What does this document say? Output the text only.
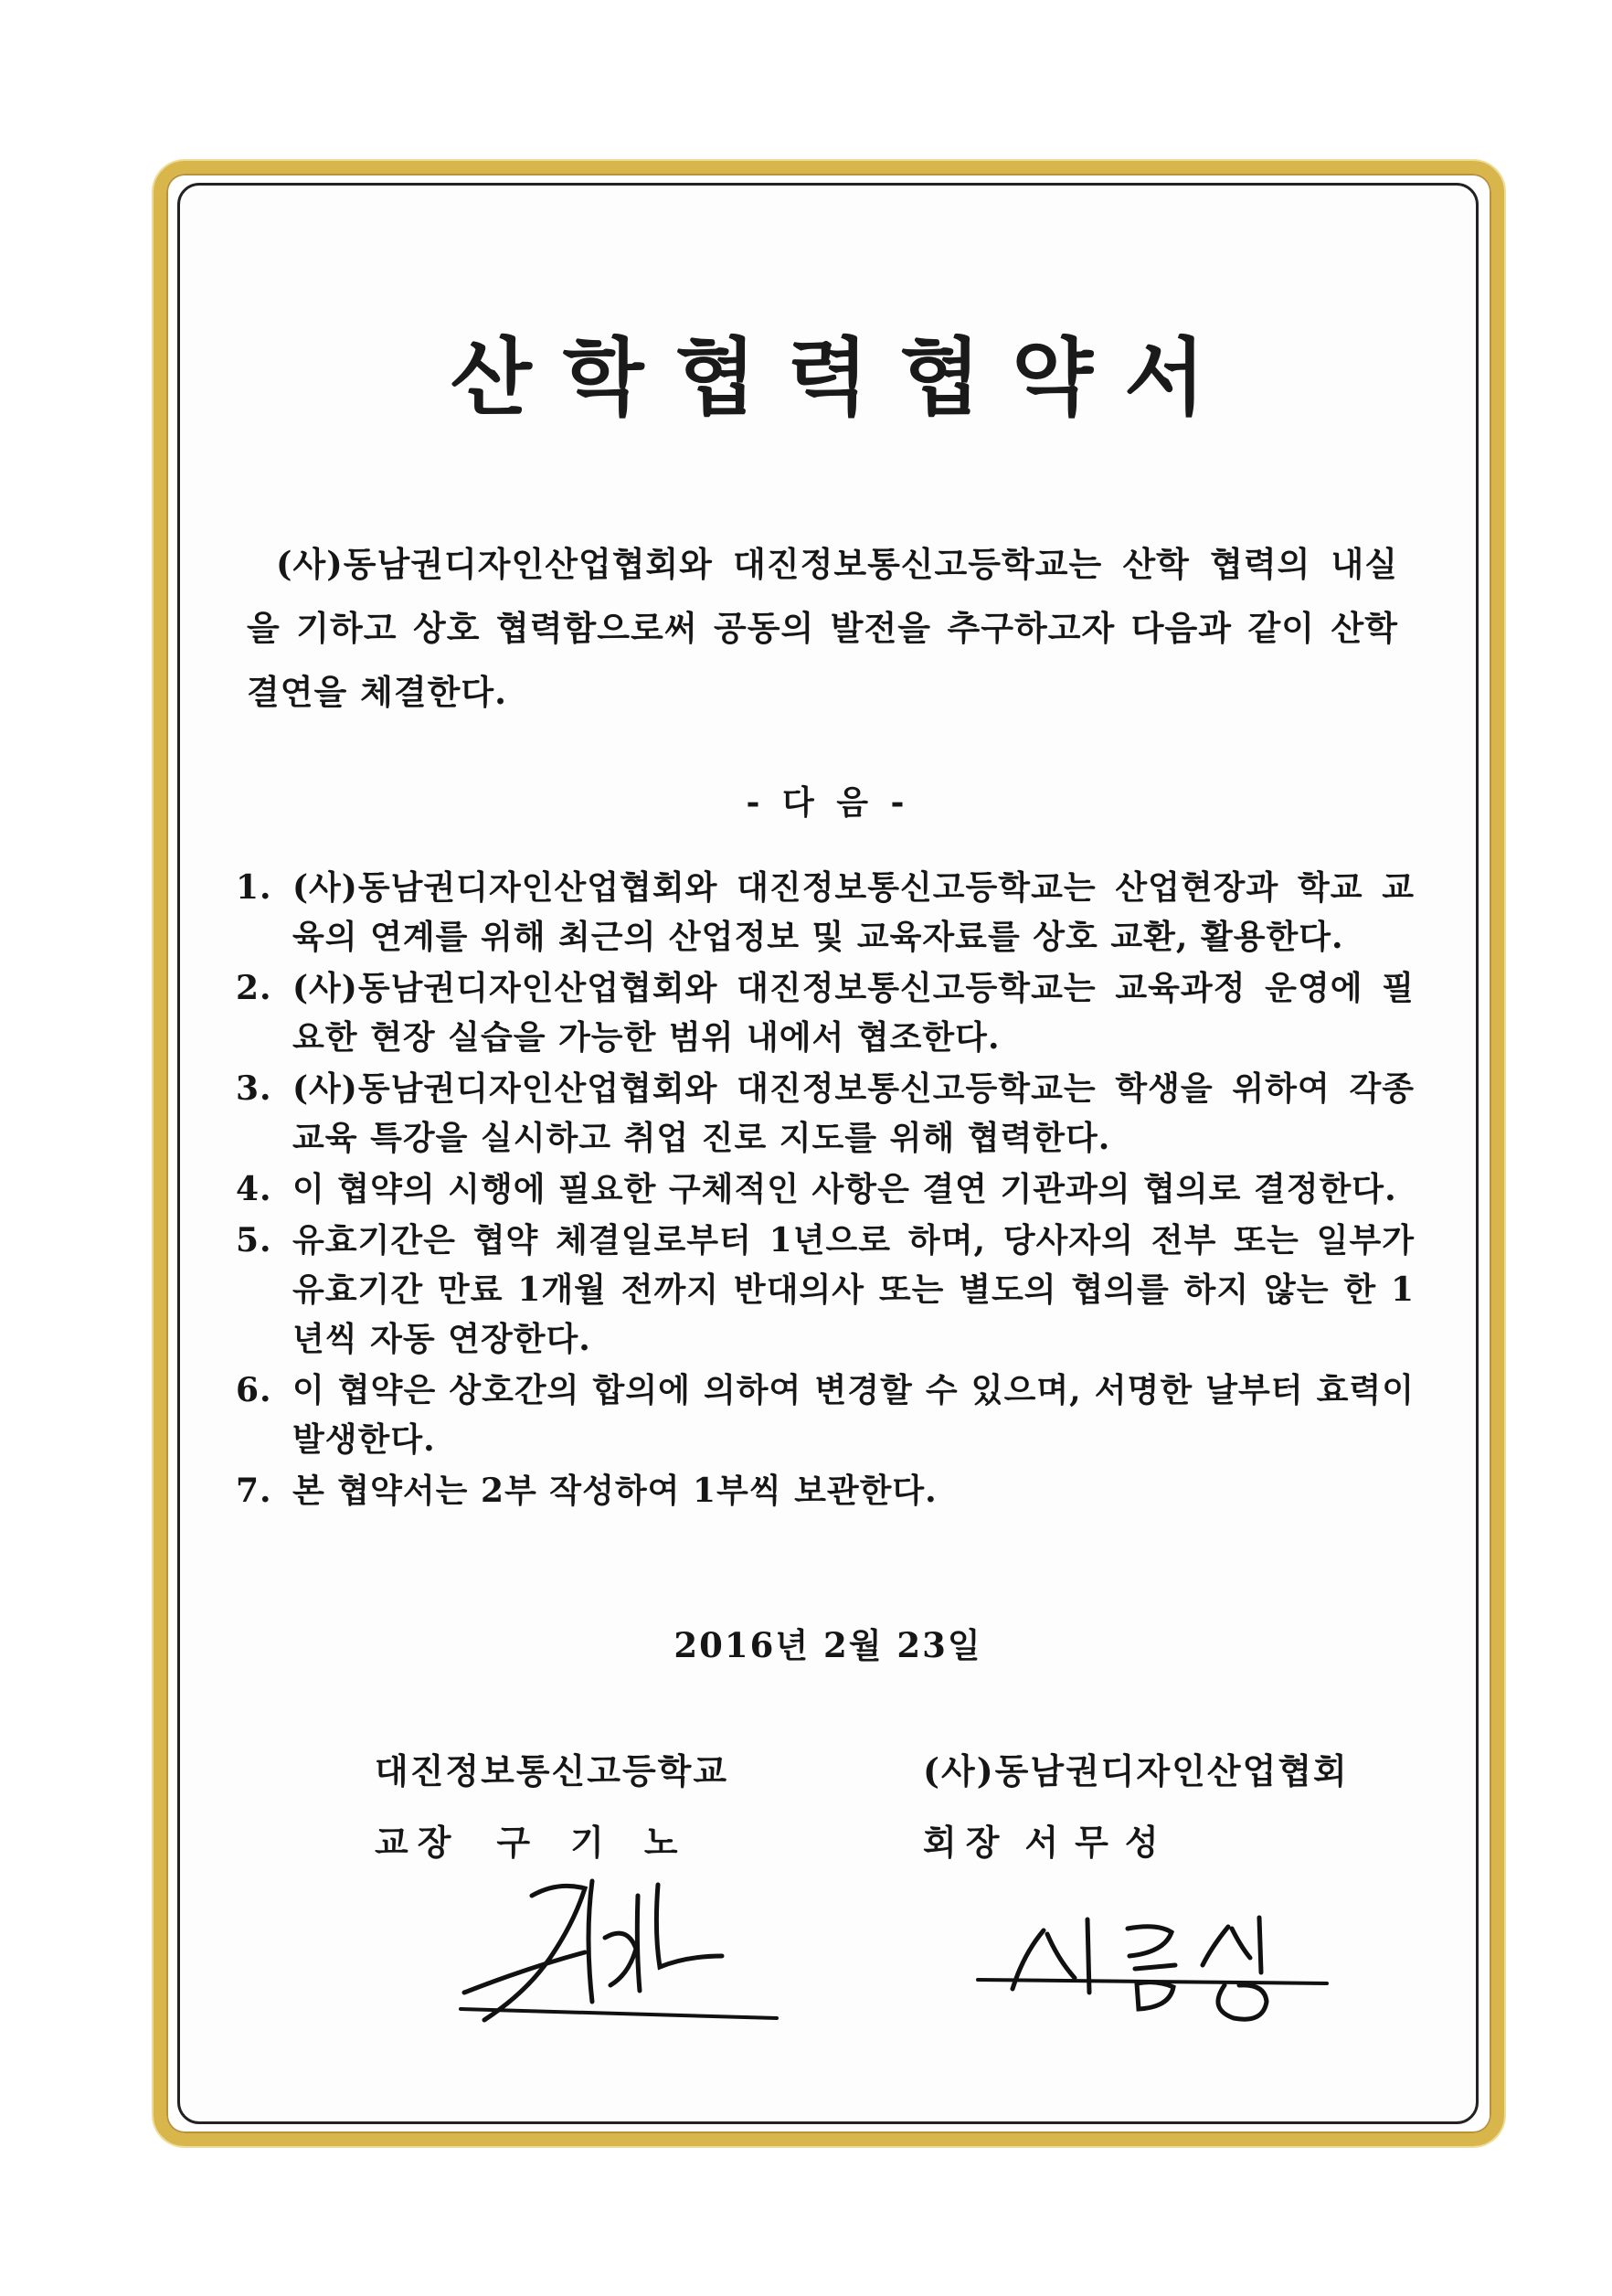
산학협력협약서
(사)동남권디자인산업협회와 대진정보통신고등학교는 산학 협력의 내실을 기하고 상호 협력함으로써 공동의 발전을 추구하고자 다음과 같이 산학 결연을 체결한다.
- 다 음 -
1. (사)동남권디자인산업협회와 대진정보통신고등학교는 산업현장과 학교 교육의 연계를 위해 최근의 산업정보 및 교육자료를 상호 교환, 활용한다.
2. (사)동남권디자인산업협회와 대진정보통신고등학교는 교육과정 운영에 필요한 현장 실습을 가능한 범위 내에서 협조한다.
3. (사)동남권디자인산업협회와 대진정보통신고등학교는 학생을 위하여 각종 교육 특강을 실시하고 취업 진로 지도를 위해 협력한다.
4. 이 협약의 시행에 필요한 구체적인 사항은 결연 기관과의 협의로 결정한다.
5. 유효기간은 협약 체결일로부터 1년으로 하며, 당사자의 전부 또는 일부가 유효기간 만료 1개월 전까지 반대의사 또는 별도의 협의를 하지 않는 한 1년씩 자동 연장한다.
6. 이 협약은 상호간의 합의에 의하여 변경할 수 있으며, 서명한 날부터 효력이 발생한다.
7. 본 협약서는 2부 작성하여 1부씩 보관한다.
2016년 2월 23일
대진정보통신고등학교
교장 구기노
(사)동남권디자인산업협회
회장 서무성
